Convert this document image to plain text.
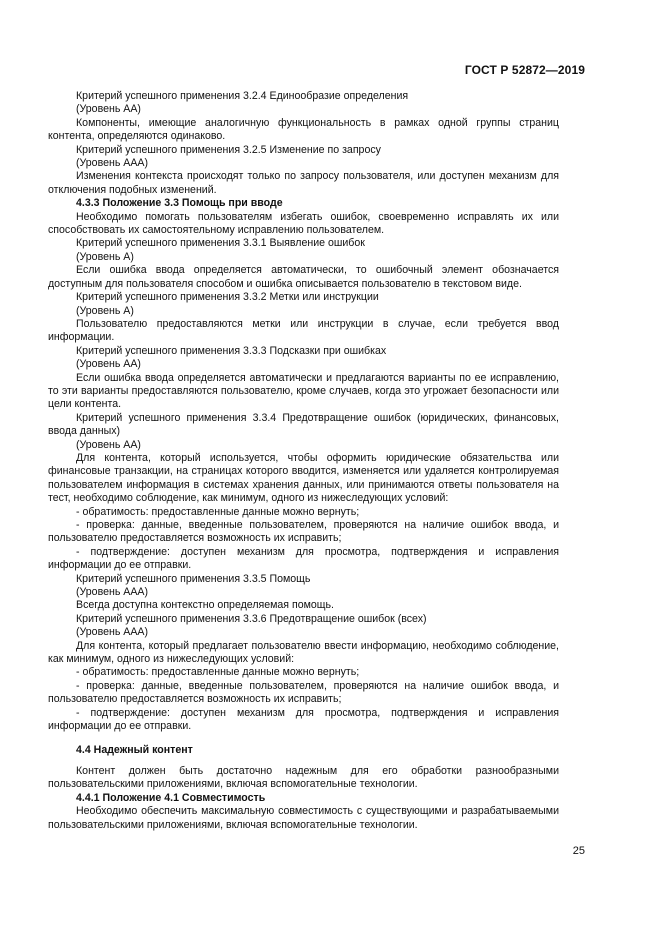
ГОСТ Р 52872—2019

Критерий успешного применения 3.2.4 Единообразие определения

(Уровень АА)

Компоненты, имеющие аналогичную функциональность в рамках одной группы страниц контента, определяются одинаково.

Критерий успешного применения 3.2.5 Изменение по запросу

(Уровень ААА)

Изменения контекста происходят только по запросу пользователя, или доступен механизм для отключения подобных изменений.

4.3.3 Положение 3.3 Помощь при вводе

Необходимо помогать пользователям избегать ошибок, своевременно исправлять их или способствовать их самостоятельному исправлению пользователем.

Критерий успешного применения 3.3.1 Выявление ошибок

(Уровень А)

Если ошибка ввода определяется автоматически, то ошибочный элемент обозначается доступным для пользователя способом и ошибка описывается пользователю в текстовом виде.

Критерий успешного применения 3.3.2 Метки или инструкции

(Уровень А)

Пользователю предоставляются метки или инструкции в случае, если требуется ввод информации.

Критерий успешного применения 3.3.3 Подсказки при ошибках

(Уровень АА)

Если ошибка ввода определяется автоматически и предлагаются варианты по ее исправлению, то эти варианты предоставляются пользователю, кроме случаев, когда это угрожает безопасности или цели контента.

Критерий успешного применения 3.3.4 Предотвращение ошибок (юридических, финансовых, ввода данных)

(Уровень АА)

Для контента, который используется, чтобы оформить юридические обязательства или финансовые транзакции, на страницах которого вводится, изменяется или удаляется контролируемая пользователем информация в системах хранения данных, или принимаются ответы пользователя на тест, необходимо соблюдение, как минимум, одного из нижеследующих условий:

- обратимость: предоставленные данные можно вернуть;

- проверка: данные, введенные пользователем, проверяются на наличие ошибок ввода, и пользователю предоставляется возможность их исправить;

- подтверждение: доступен механизм для просмотра, подтверждения и исправления информации до ее отправки.

Критерий успешного применения 3.3.5 Помощь

(Уровень ААА)

Всегда доступна контекстно определяемая помощь.

Критерий успешного применения 3.3.6 Предотвращение ошибок (всех)

(Уровень ААА)

Для контента, который предлагает пользователю ввести информацию, необходимо соблюдение, как минимум, одного из нижеследующих условий:

- обратимость: предоставленные данные можно вернуть;

- проверка: данные, введенные пользователем, проверяются на наличие ошибок ввода, и пользователю предоставляется возможность их исправить;

- подтверждение: доступен механизм для просмотра, подтверждения и исправления информации до ее отправки.

4.4 Надежный контент

Контент должен быть достаточно надежным для его обработки разнообразными пользовательскими приложениями, включая вспомогательные технологии.

4.4.1 Положение 4.1 Совместимость

Необходимо обеспечить максимальную совместимость с существующими и разрабатываемыми пользовательскими приложениями, включая вспомогательные технологии.

25
